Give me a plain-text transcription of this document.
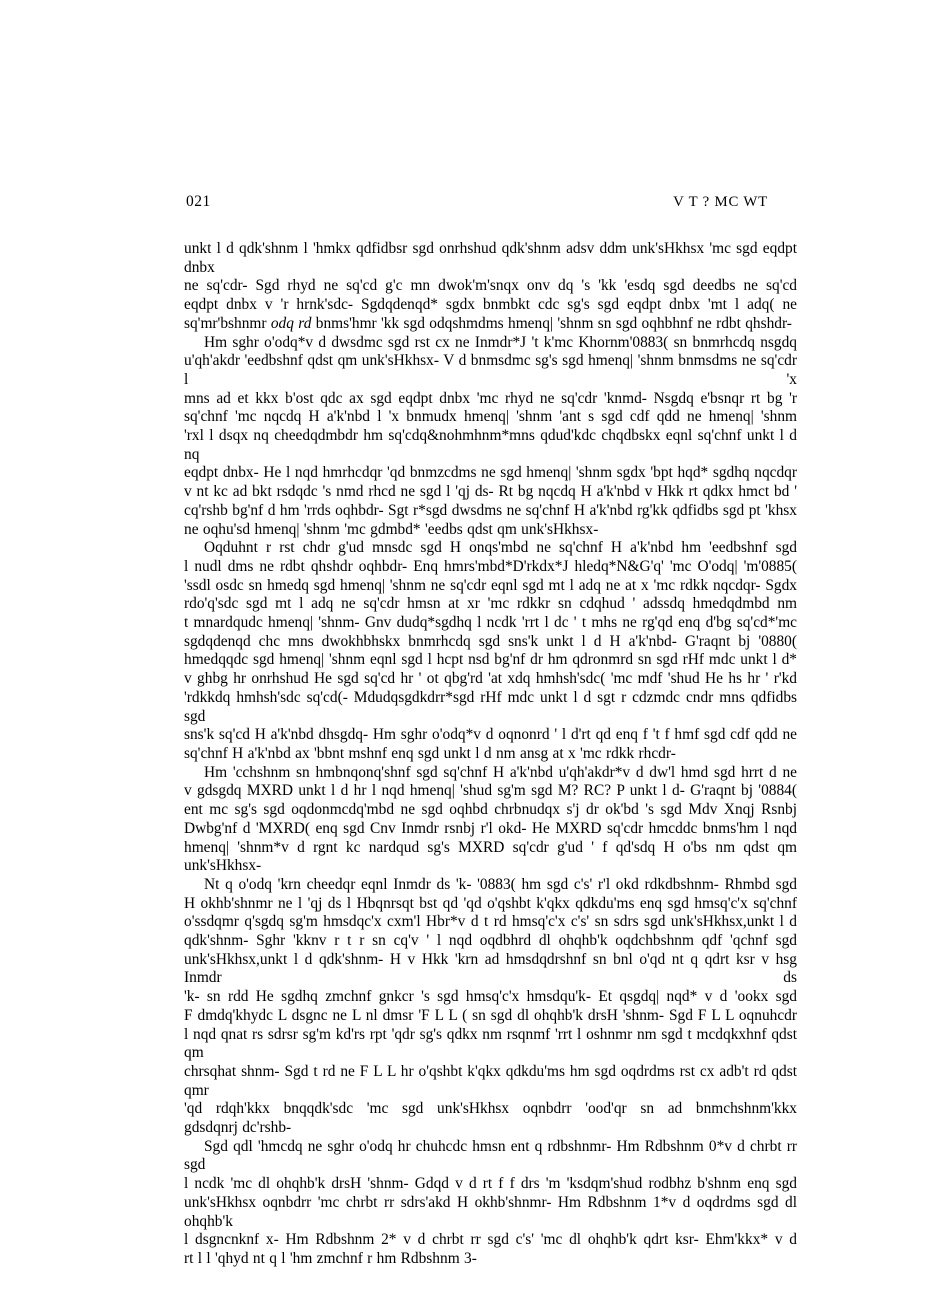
021	V T ? MC WT
unkt l d qdk'shnm l 'hmkx qdfidbsr sgd onrhshud qdk'shnm adsv ddm unk'sHkhsx 'mc sgd eqdpt dnbx
ne sq'cdr- Sgd rhyd ne sq'cd g'c mn dwok'm'snqx onv dq 's 'kk 'esdq sgd deedbs ne sq'cd
eqdpt dnbx v 'r hrnk'sdc- Sgdqdenqd* sgdx bnmbkt cdc sg's sgd eqdpt dnbx 'mt l adq( ne
sq'mr'bshnmr odq rd bnms'hmr 'kk sgd odqshmdms hmenq| 'shnm sn sgd oqhbhnf ne rdbt qhshdr-
Hm sghr o'odq*v d dwsdmc sgd rst cx ne Inmdr*J 't k'mc Khornm'0883( sn bnmrhcdq nsgdq
u'qh'akdr 'eedbshnf qdst qm unk'sHkhsx- V d bnmsdmc sg's sgd hmenq| 'shnm bnmsdms ne sq'cdr l 'x
mns ad et kkx b'ost qdc ax sgd eqdpt dnbx 'mc rhyd ne sq'cdr 'knmd- Nsgdq e'bsnqr rt bg 'r
sq'chnf 'mc nqcdq H a'k'nbd l 'x bnmudx hmenq| 'shnm 'ant s sgd cdf qdd ne hmenq| 'shnm
'rxl l dsqx nq cheedqdmbdr hm sq'cdq&nohmhnm*mns qdud'kdc chqdbskx eqnl sq'chnf unkt l d nq
eqdpt dnbx- He l nqd hmrhcdqr 'qd bnmzcdms ne sgd hmenq| 'shnm sgdx 'bpt hqd* sgdhq nqcdqr
v nt kc ad bkt rsdqdc 's nmd rhcd ne sgd l 'qj ds- Rt bg nqcdq H a'k'nbd v Hkk rt qdkx hmct bd '
cq'rshb bg'nf d hm 'rrds oqhbdr- Sgt r*sgd dwsdms ne sq'chnf H a'k'nbd rg'kk qdfidbs sgd pt 'khsx
ne oqhu'sd hmenq| 'shnm 'mc gdmbd* 'eedbs qdst qm unk'sHkhsx-
Oqduhnt r rst chdr g'ud mnsdc sgd H onqs'mbd ne sq'chnf H a'k'nbd hm 'eedbshnf sgd
l nudl dms ne rdbt qhshdr oqhbdr- Enq hmrs'mbd*D'rkdx*J hledq*N&G'q' 'mc O'odq| 'm'0885(
'ssdl osdc sn hmedq sgd hmenq| 'shnm ne sq'cdr eqnl sgd mt l adq ne at x 'mc rdkk nqcdqr- Sgdx
rdo'q'sdc sgd mt l adq ne sq'cdr hmsn at xr 'mc rdkkr sn cdqhud ' adssdq hmedqdmbd nm
t mnardqudc hmenq| 'shnm- Gnv dudq*sgdhq l ncdk 'rrt l dc ' t mhs ne rg'qd enq d'bg sq'cd*'mc
sgdqdenqd chc mns dwokhbhskx bnmrhcdq sgd sns'k unkt l d H a'k'nbd- G'raqnt bj '0880(
hmedqqdc sgd hmenq| 'shnm eqnl sgd l hcpt nsd bg'nf dr hm qdronmrd sn sgd rHf mdc unkt l d*
v ghbg hr onrhshud He sgd sq'cd hr ' ot qbg'rd 'at xdq hmhsh'sdc( 'mc mdf 'shud He hs hr ' r'kd
'rdkkdq hmhsh'sdc sq'cd(- Mdudqsgdkdrr*sgd rHf mdc unkt l d sgt r cdzmdc cndr mns qdfidbs sgd
sns'k sq'cd H a'k'nbd dhsgdq- Hm sghr o'odq*v d oqnonrd ' l d'rt qd enq f 't f hmf sgd cdf qdd ne
sq'chnf H a'k'nbd ax 'bbnt mshnf enq sgd unkt l d nm ansg at x 'mc rdkk rhcdr-
Hm 'cchshnm sn hmbnqonq'shnf sgd sq'chnf H a'k'nbd u'qh'akdr*v d dw'l hmd sgd hrrt d ne
v gdsgdq MXRD unkt l d hr l nqd hmenq| 'shud sg'm sgd M? RC? P unkt l d- G'raqnt bj '0884(
ent mc sg's sgd oqdonmcdq'mbd ne sgd oqhbd chrbnudqx s'j dr ok'bd 's sgd Mdv Xnqj Rsnbj
Dwbg'nf d 'MXRD( enq sgd Cnv Inmdr rsnbj r'l okd- He MXRD sq'cdr hmcddc bnms'hm l nqd
hmenq| 'shnm*v d rgnt kc nardqud sg's MXRD sq'cdr g'ud ' f qd'sdq H o'bs nm qdst qm unk'sHkhsx-
Nt q o'odq 'krn cheedqr eqnl Inmdr ds 'k- '0883( hm sgd c's' r'l okd rdkdbshnm- Rhmbd sgd
H okhb'shnmr ne l 'qj ds l Hbqnrsqt bst qd 'qd o'qshbt k'qkx qdkdu'ms enq sgd hmsq'c'x sq'chnf
o'ssdqmr q'sgdq sg'm hmsdqc'x cxm'l Hbr*v d t rd hmsq'c'x c's' sn sdrs sgd unk'sHkhsx,unkt l d
qdk'shnm- Sghr 'kknv r t r sn cq'v ' l nqd oqdbhrd dl ohqhb'k oqdchbshnm qdf 'qchnf sgd
unk'sHkhsx,unkt l d qdk'shnm- H v Hkk 'krn ad hmsdqdrshnf sn bnl o'qd nt q qdrt ksr v hsg Inmdr ds
'k- sn rdd He sgdhq zmchnf gnkcr 's sgd hmsq'c'x hmsdqu'k- Et qsgdq| nqd* v d 'ookx sgd
F dmdq'khydc L dsgnc ne L nl dmsr 'F L L ( sn sgd dl ohqhb'k drsH 'shnm- Sgd F L L oqnuhcdr
l nqd qnat rs sdrsr sg'm kd'rs rpt 'qdr sg's qdkx nm rsqnmf 'rrt l oshnmr nm sgd t mcdqkxhnf qdst qm
chrsqhat shnm- Sgd t rd ne F L L hr o'qshbt k'qkx qdkdu'ms hm sgd oqdrdms rst cx adb't rd qdst qmr
'qd rdqh'kkx bnqqdk'sdc 'mc sgd unk'sHkhsx oqnbdrr 'ood'qr sn ad bnmchshnm'kkx
gdsdqnrj dc'rshb-
Sgd qdl 'hmcdq ne sghr o'odq hr chuhcdc hmsn ent q rdbshnmr- Hm Rdbshnm 0*v d chrbt rr sgd
l ncdk 'mc dl ohqhb'k drsH 'shnm- Gdqd v d rt f f drs 'm 'ksdqm'shud rodbhz b'shnm enq sgd
unk'sHkhsx oqnbdrr 'mc chrbt rr sdrs'akd H okhb'shnmr- Hm Rdbshnm 1*v d oqdrdms sgd dl ohqhb'k
l dsgncnknf x- Hm Rdbshnm 2* v d chrbt rr sgd c's' 'mc dl ohqhb'k qdrt ksr- Ehm'kkx* v d
rt l l 'qhyd nt q l 'hm zmchnf r hm Rdbshnm 3-
